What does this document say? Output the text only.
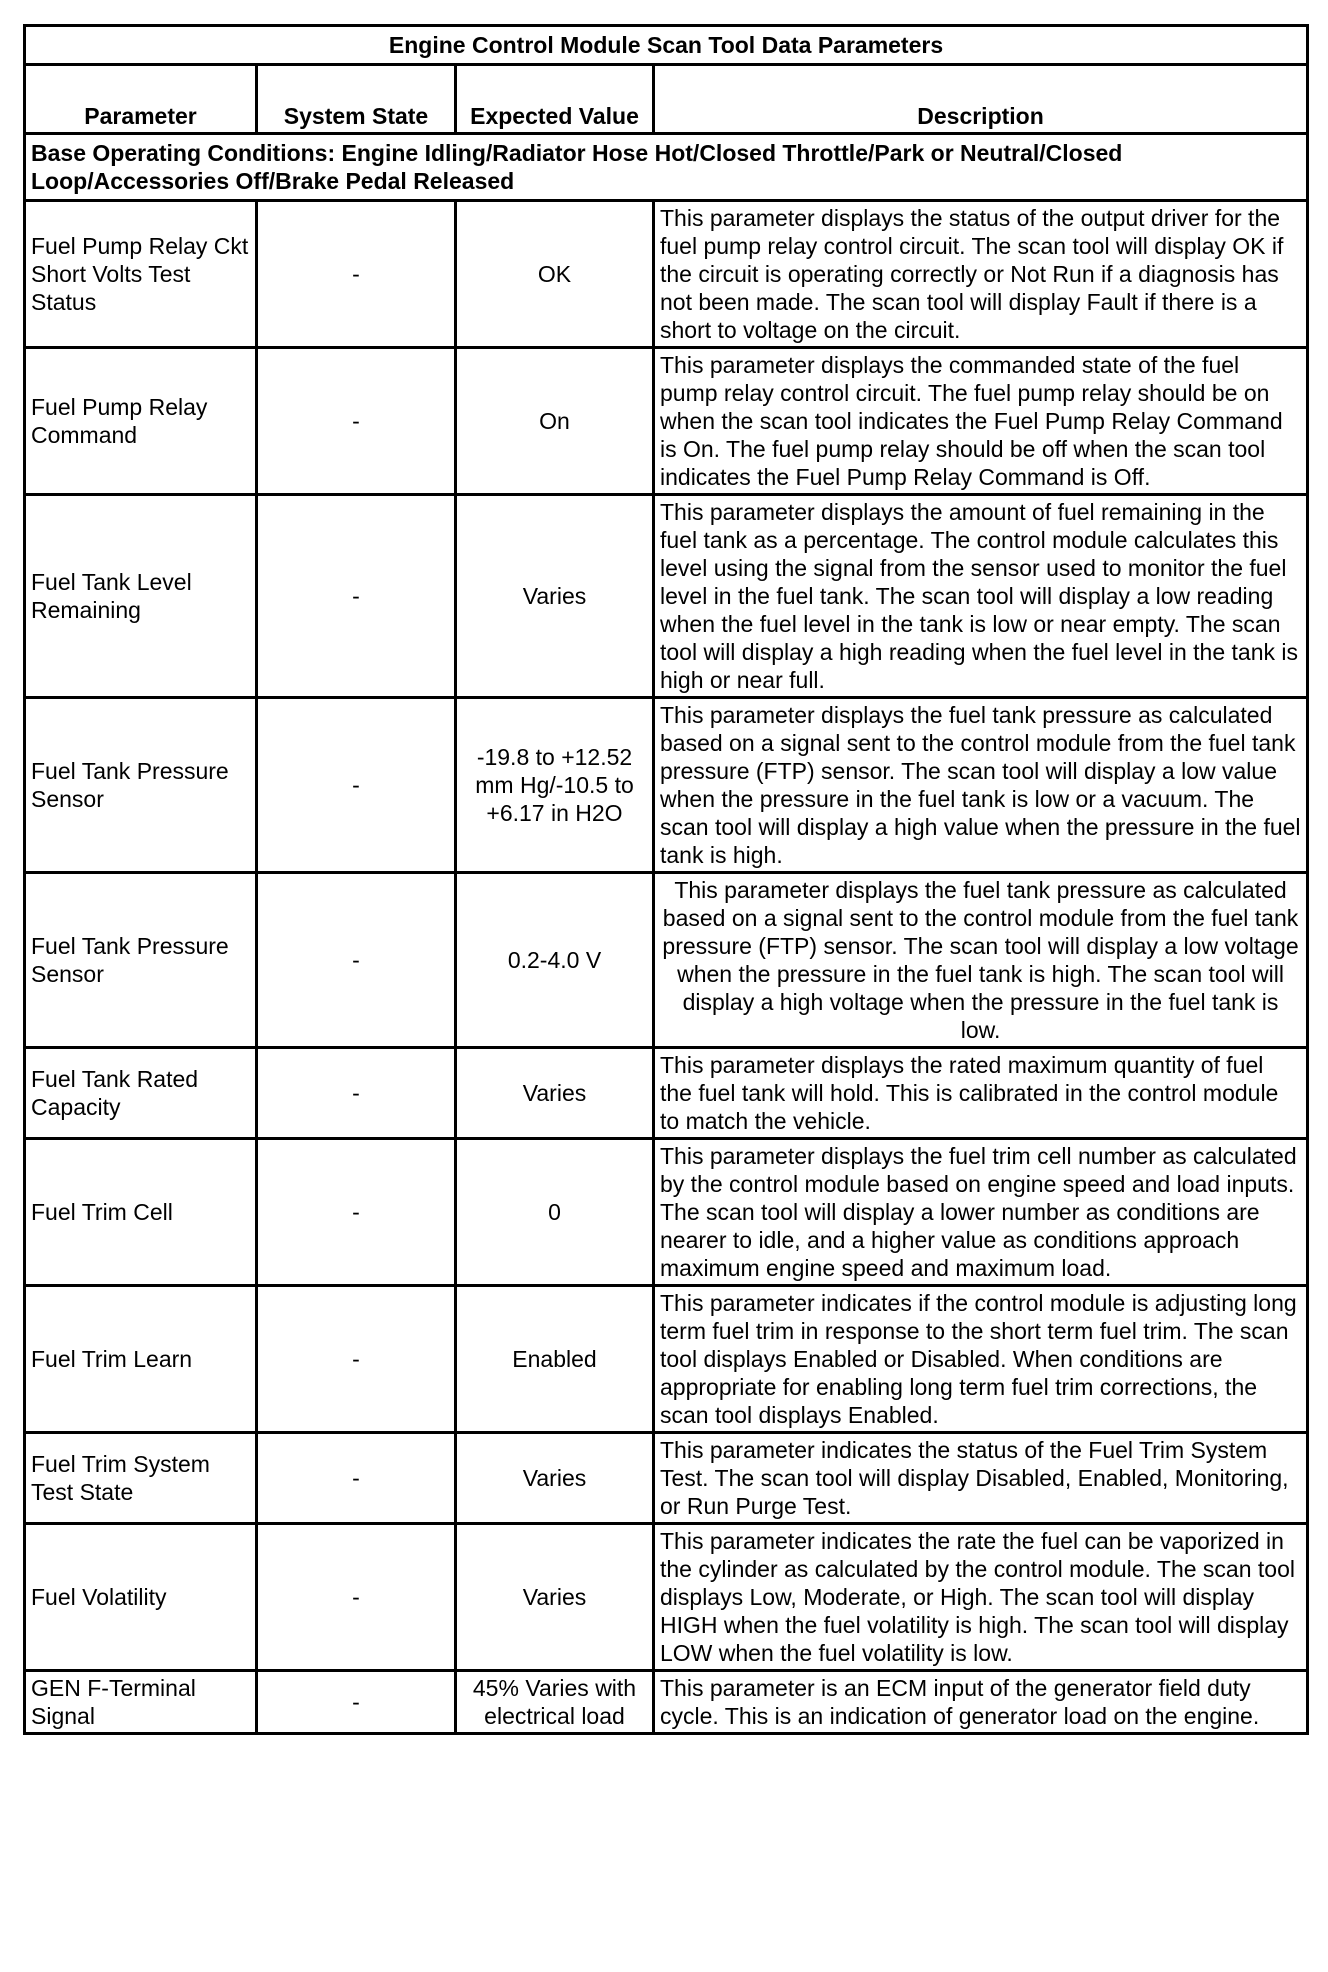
Engine Control Module Scan Tool Data Parameters			
Parameter	System State	Expected Value	Description
Base Operating Conditions: Engine Idling/Radiator Hose Hot/Closed Throttle/Park or Neutral/Closed Loop/Accessories Off/Brake Pedal Released			
Fuel Pump Relay Ckt Short Volts Test Status	-	OK	This parameter displays the status of the output driver for the fuel pump relay control circuit. The scan tool will display OK if the circuit is operating correctly or Not Run if a diagnosis has not been made. The scan tool will display Fault if there is a short to voltage on the circuit.
Fuel Pump Relay Command	-	On	This parameter displays the commanded state of the fuel pump relay control circuit. The fuel pump relay should be on when the scan tool indicates the Fuel Pump Relay Command is On. The fuel pump relay should be off when the scan tool indicates the Fuel Pump Relay Command is Off.
Fuel Tank Level Remaining	-	Varies	This parameter displays the amount of fuel remaining in the fuel tank as a percentage. The control module calculates this level using the signal from the sensor used to monitor the fuel level in the fuel tank. The scan tool will display a low reading when the fuel level in the tank is low or near empty. The scan tool will display a high reading when the fuel level in the tank is high or near full.
Fuel Tank Pressure Sensor	-	-19.8 to +12.52 mm Hg/-10.5 to +6.17 in H2O	This parameter displays the fuel tank pressure as calculated based on a signal sent to the control module from the fuel tank pressure (FTP) sensor. The scan tool will display a low value when the pressure in the fuel tank is low or a vacuum. The scan tool will display a high value when the pressure in the fuel tank is high.
Fuel Tank Pressure Sensor	-	0.2-4.0 V	This parameter displays the fuel tank pressure as calculated based on a signal sent to the control module from the fuel tank pressure (FTP) sensor. The scan tool will display a low voltage when the pressure in the fuel tank is high. The scan tool will display a high voltage when the pressure in the fuel tank is low.
Fuel Tank Rated Capacity	-	Varies	This parameter displays the rated maximum quantity of fuel the fuel tank will hold. This is calibrated in the control module to match the vehicle.
Fuel Trim Cell	-	0	This parameter displays the fuel trim cell number as calculated by the control module based on engine speed and load inputs. The scan tool will display a lower number as conditions are nearer to idle, and a higher value as conditions approach maximum engine speed and maximum load.
Fuel Trim Learn	-	Enabled	This parameter indicates if the control module is adjusting long term fuel trim in response to the short term fuel trim. The scan tool displays Enabled or Disabled. When conditions are appropriate for enabling long term fuel trim corrections, the scan tool displays Enabled.
Fuel Trim System Test State	-	Varies	This parameter indicates the status of the Fuel Trim System Test. The scan tool will display Disabled, Enabled, Monitoring, or Run Purge Test.
Fuel Volatility	-	Varies	This parameter indicates the rate the fuel can be vaporized in the cylinder as calculated by the control module. The scan tool displays Low, Moderate, or High. The scan tool will display HIGH when the fuel volatility is high. The scan tool will display LOW when the fuel volatility is low.
GEN F-Terminal Signal	-	45% Varies with electrical load	This parameter is an ECM input of the generator field duty cycle. This is an indication of generator load on the engine.
